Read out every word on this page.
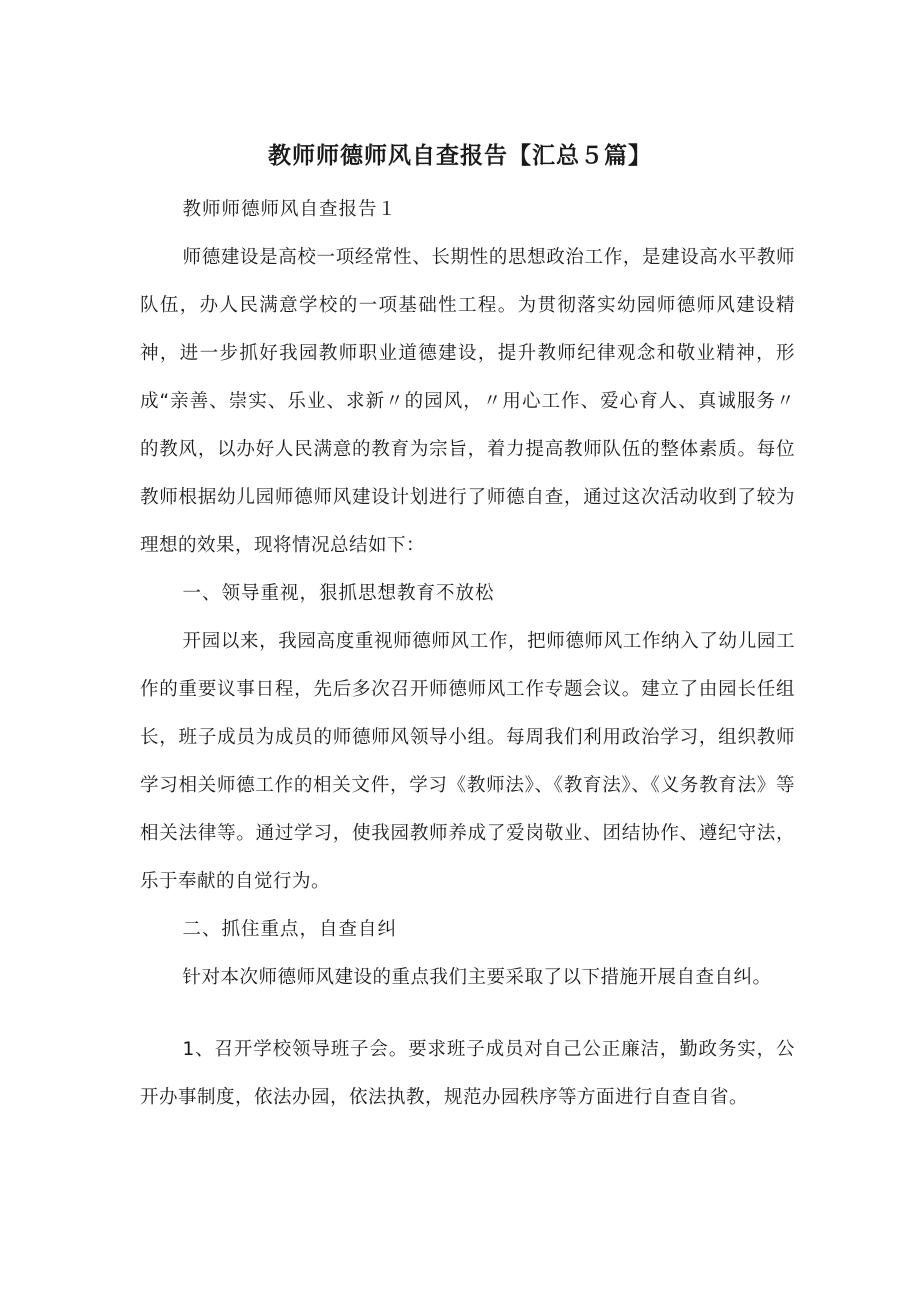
教师师德师风自查报告【汇总５篇】

教师师德师风自查报告１

师德建设是高校一项经常性、长期性的思想政治工作，是建设高水平教师队伍，办人民满意学校的一项基础性工程。为贯彻落实幼园师德师风建设精神，进一步抓好我园教师职业道德建设，提升教师纪律观念和敬业精神，形成“亲善、崇实、乐业、求新〃的园风，〃用心工作、爱心育人、真诚服务〃的教风，以办好人民满意的教育为宗旨，着力提高教师队伍的整体素质。每位教师根据幼儿园师德师风建设计划进行了师德自查，通过这次活动收到了较为理想的效果，现将情况总结如下：

一、领导重视，狠抓思想教育不放松

开园以来，我园高度重视师德师风工作，把师德师风工作纳入了幼儿园工作的重要议事日程，先后多次召开师德师风工作专题会议。建立了由园长任组长，班子成员为成员的师德师风领导小组。每周我们利用政治学习，组织教师学习相关师德工作的相关文件，学习《教师法》、《教育法》、《义务教育法》等相关法律等。通过学习，使我园教师养成了爱岗敬业、团结协作、遵纪守法，乐于奉献的自觉行为。

二、抓住重点，自查自纠

针对本次师德师风建设的重点我们主要采取了以下措施开展自查自纠。

1、召开学校领导班子会。要求班子成员对自己公正廉洁，勤政务实，公开办事制度，依法办园，依法执教，规范办园秩序等方面进行自查自省。
